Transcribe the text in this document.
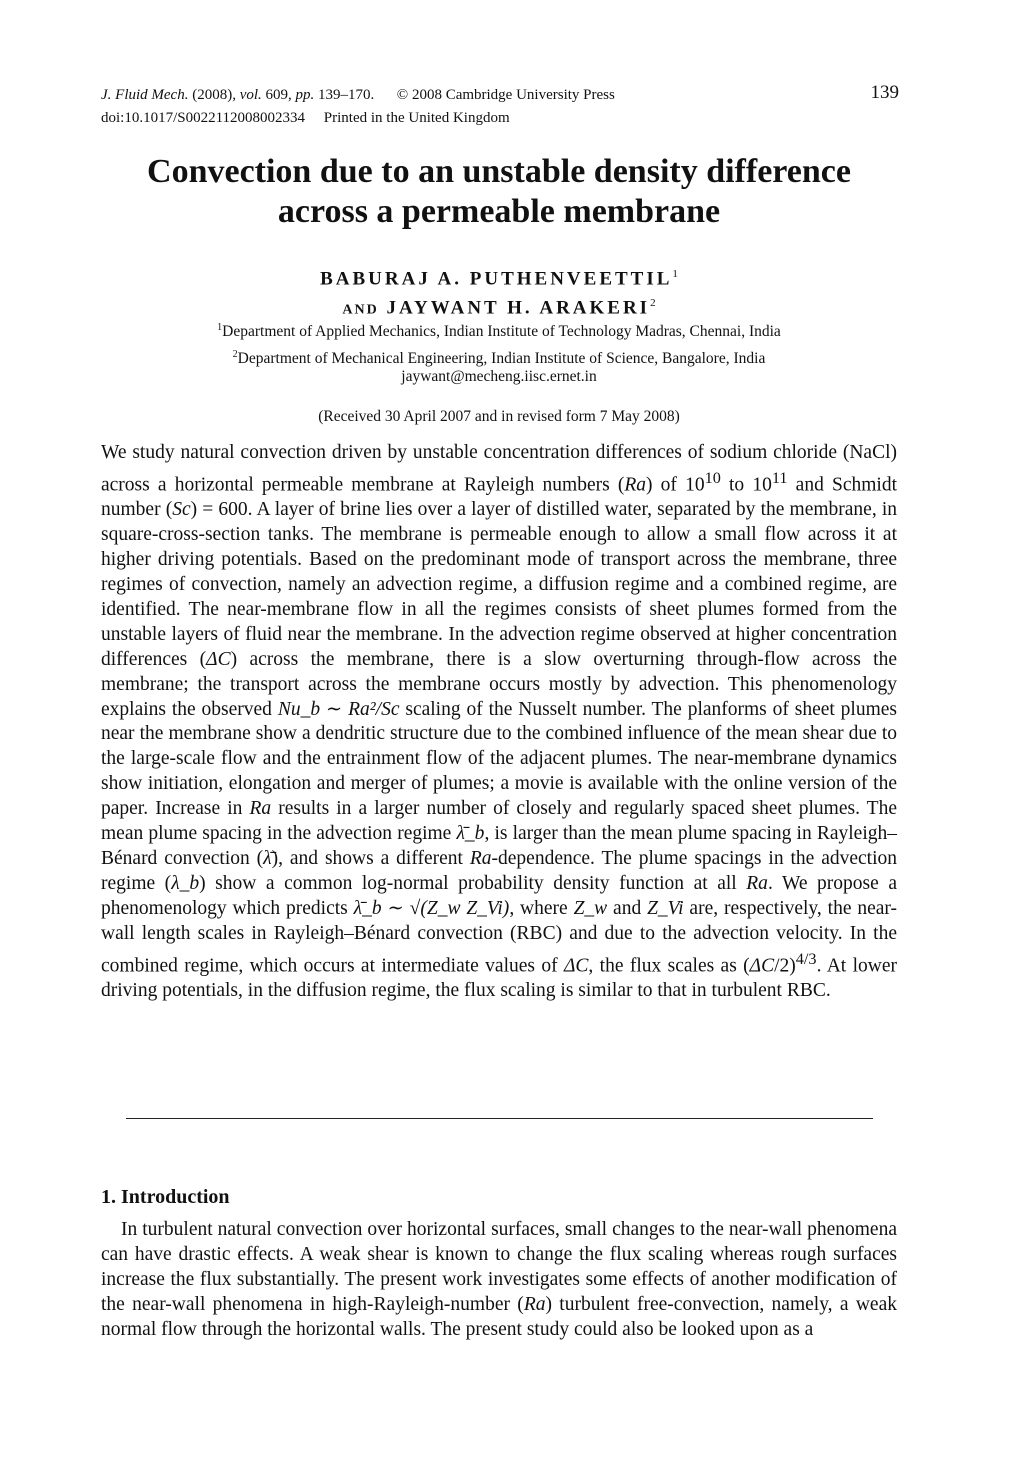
J. Fluid Mech. (2008), vol. 609, pp. 139–170. © 2008 Cambridge University Press
doi:10.1017/S0022112008002334 Printed in the United Kingdom
139
Convection due to an unstable density difference
across a permeable membrane
BABURAJ A. PUTHENVEETTIL$^1$
AND JAYWANT H. ARAKERI$^2$
$^1$Department of Applied Mechanics, Indian Institute of Technology Madras, Chennai, India
$^2$Department of Mechanical Engineering, Indian Institute of Science, Bangalore, India
jaywant@mecheng.iisc.ernet.in
(Received 30 April 2007 and in revised form 7 May 2008)
We study natural convection driven by unstable concentration differences of sodium chloride (NaCl) across a horizontal permeable membrane at Rayleigh numbers (Ra) of $10^{10}$ to $10^{11}$ and Schmidt number (Sc) = 600. A layer of brine lies over a layer of distilled water, separated by the membrane, in square-cross-section tanks. The membrane is permeable enough to allow a small flow across it at higher driving potentials. Based on the predominant mode of transport across the membrane, three regimes of convection, namely an advection regime, a diffusion regime and a combined regime, are identified. The near-membrane flow in all the regimes consists of sheet plumes formed from the unstable layers of fluid near the membrane. In the advection regime observed at higher concentration differences (ΔC) across the membrane, there is a slow overturning through-flow across the membrane; the transport across the membrane occurs mostly by advection. This phenomenology explains the observed Nu_b ∼ Ra²/Sc scaling of the Nusselt number. The planforms of sheet plumes near the membrane show a dendritic structure due to the combined influence of the mean shear due to the large-scale flow and the entrainment flow of the adjacent plumes. The near-membrane dynamics show initiation, elongation and merger of plumes; a movie is available with the online version of the paper. Increase in Ra results in a larger number of closely and regularly spaced sheet plumes. The mean plume spacing in the advection regime λ̄_b, is larger than the mean plume spacing in Rayleigh–Bénard convection (λ̄), and shows a different Ra-dependence. The plume spacings in the advection regime (λ_b) show a common log-normal probability density function at all Ra. We propose a phenomenology which predicts λ̄_b ∼ √(Z_w Z_Vi), where Z_w and Z_Vi are, respectively, the near-wall length scales in Rayleigh–Bénard convection (RBC) and due to the advection velocity. In the combined regime, which occurs at intermediate values of ΔC, the flux scales as $(\Delta C/2)^{4/3}$. At lower driving potentials, in the diffusion regime, the flux scaling is similar to that in turbulent RBC.
1. Introduction
In turbulent natural convection over horizontal surfaces, small changes to the near-wall phenomena can have drastic effects. A weak shear is known to change the flux scaling whereas rough surfaces increase the flux substantially. The present work investigates some effects of another modification of the near-wall phenomena in high-Rayleigh-number (Ra) turbulent free-convection, namely, a weak normal flow through the horizontal walls. The present study could also be looked upon as a
